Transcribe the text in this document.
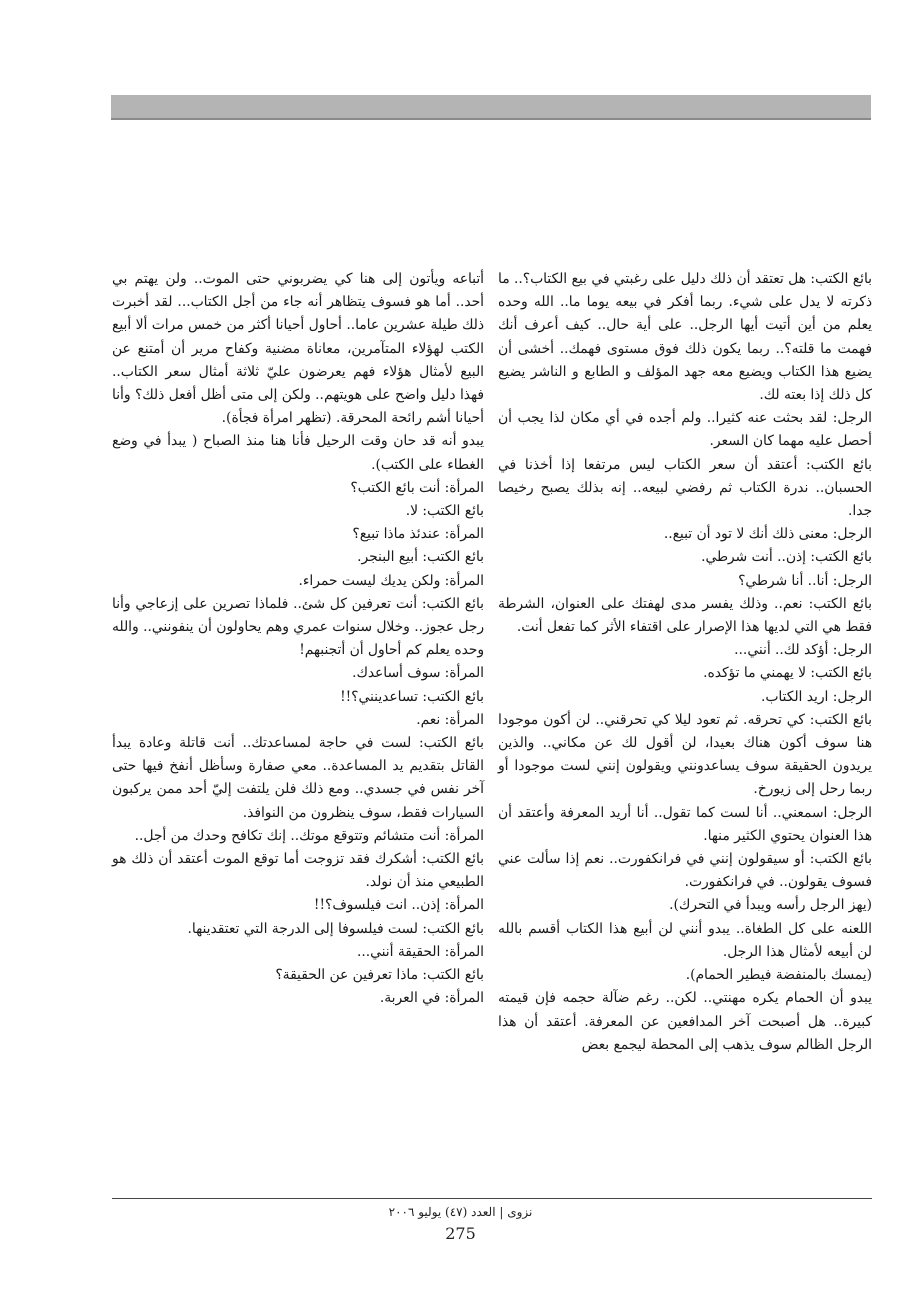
بائع الكتب: هل تعتقد أن ذلك دليل على رغبتي في بيع الكتاب؟.. ما ذكرته لا يدل على شيء. ربما أفكر في بيعه يوما ما.. الله وحده يعلم من أين أتيت أيها الرجل.. على أية حال.. كيف أعرف أنك فهمت ما قلته؟.. ربما يكون ذلك فوق مستوى فهمك.. أخشى أن يضيع هذا الكتاب ويضيع معه جهد المؤلف و الطابع و الناشر يضيع كل ذلك إذا بعته لك.

الرجل: لقد بحثت عنه كثيرا.. ولم أجده في أي مكان لذا يجب أن أحصل عليه مهما كان السعر.

بائع الكتب: أعتقد أن سعر الكتاب ليس مرتفعا إذا أخذنا في الحسبان.. ندرة الكتاب ثم رفضي لبيعه.. إنه بذلك يصبح رخيصا جدا.

الرجل: معنى ذلك أنك لا تود أن تبيع..

بائع الكتب: إذن.. أنت شرطي.

الرجل: أنا.. أنا شرطي؟

بائع الكتب: نعم.. وذلك يفسر مدى لهفتك على العنوان، الشرطة فقط هي التي لديها هذا الإصرار على اقتفاء الأثر كما تفعل أنت.

الرجل: أؤكد لك.. أنني...

بائع الكتب: لا يهمني ما تؤكده.

الرجل: اريد الكتاب.

بائع الكتب: كي تحرقه. ثم تعود ليلا كي تحرقني.. لن أكون موجودا هنا سوف أكون هناك بعيدا، لن أقول لك عن مكاني.. والذين يريدون الحقيقة سوف يساعدونني ويقولون إنني لست موجودا أو ربما رحل إلى زيورخ.

الرجل: اسمعني.. أنا لست كما تقول.. أنا أريد المعرفة وأعتقد أن هذا العنوان يحتوي الكثير منها.

بائع الكتب: أو سيقولون إنني في فرانكفورت.. نعم إذا سألت عني فسوف يقولون.. في فرانكفورت.

(يهز الرجل رأسه ويبدأ في التحرك).

اللعنه على كل الطغاة.. يبدو أنني لن أبيع هذا الكتاب أقسم بالله لن أبيعه لأمثال هذا الرجل.

(يمسك بالمنفضة فيطير الحمام).

يبدو أن الحمام يكره مهنتي.. لكن.. رغم ضآلة حجمه فإن قيمته كبيرة.. هل أصبحت آخر المدافعين عن المعرفة. أعتقد أن هذا الرجل الظالم سوف يذهب إلى المحطة ليجمع بعض

أتباعه ويأتون إلى هنا كي يضربوني حتى الموت.. ولن يهتم بي أحد.. أما هو فسوف يتظاهر أنه جاء من أجل الكتاب... لقد أخبرت ذلك طيلة عشرين عاما.. أحاول أحيانا أكثر من خمس مرات ألا أبيع الكتب لهؤلاء المتآمرين، معاناة مضنية وكفاح مرير أن أمتنع عن البيع لأمثال هؤلاء فهم يعرضون عليّ ثلاثة أمثال سعر الكتاب.. فهذا دليل واضح على هويتهم.. ولكن إلى متى أظل أفعل ذلك؟ وأنا أحيانا أشم رائحة المحرقة. (تظهر امرأة فجأة).

يبدو أنه قد حان وقت الرحيل فأنا هنا منذ الصباح ( يبدأ في وضع الغطاء على الكتب).

المرأة: أنت بائع الكتب؟

بائع الكتب: لا.

المرأة: عندئذ ماذا تبيع؟

بائع الكتب: أبيع البنجر.

المرأة: ولكن يديك ليست حمراء.

بائع الكتب: أنت تعرفين كل شئ.. فلماذا تصرين على إزعاجي وأنا رجل عجوز.. وخلال سنوات عمري وهم يحاولون أن ينفونني.. والله وحده يعلم كم أحاول أن أتجنبهم!

المرأة: سوف أساعدك.

بائع الكتب: تساعدينني؟!!

المرأة: نعم.

بائع الكتب: لست في حاجة لمساعدتك.. أنت قاتلة وعادة يبدأ القاتل بتقديم يد المساعدة.. معي صفارة وسأظل أنفخ فيها حتى آخر نفس في جسدي.. ومع ذلك فلن يلتفت إليّ أحد ممن يركبون السيارات فقط، سوف ينظرون من النوافذ.

المرأة: أنت متشائم وتتوقع موتك.. إنك تكافح وحدك من أجل..

بائع الكتب: أشكرك فقد تزوجت أما توقع الموت أعتقد أن ذلك هو الطبيعي منذ أن نولد.

المرأة: إذن.. انت فيلسوف؟!!

بائع الكتب: لست فيلسوفا إلى الدرجة التي تعتقدينها.

المرأة: الحقيقة أنني...

بائع الكتب: ماذا تعرفين عن الحقيقة؟

المرأة: في العربة.

نزوى | العدد (٤٧) يوليو ٢٠٠٦
275
